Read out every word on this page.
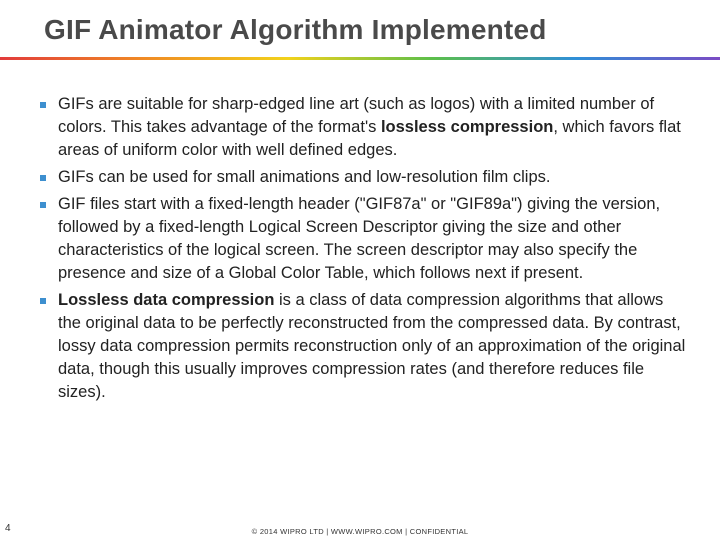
GIF Animator Algorithm Implemented
GIFs are suitable for sharp-edged line art (such as logos) with a limited number of colors. This takes advantage of the format's lossless compression, which favors flat areas of uniform color with well defined edges.
GIFs can be used for small animations and low-resolution film clips.
GIF files start with a fixed-length header ("GIF87a" or "GIF89a") giving the version, followed by a fixed-length Logical Screen Descriptor giving the size and other characteristics of the logical screen. The screen descriptor may also specify the presence and size of a Global Color Table, which follows next if present.
Lossless data compression is a class of data compression algorithms that allows the original data to be perfectly reconstructed from the compressed data. By contrast, lossy data compression permits reconstruction only of an approximation of the original data, though this usually improves compression rates (and therefore reduces file sizes).
4	© 2014 WIPRO LTD | WWW.WIPRO.COM | CONFIDENTIAL
